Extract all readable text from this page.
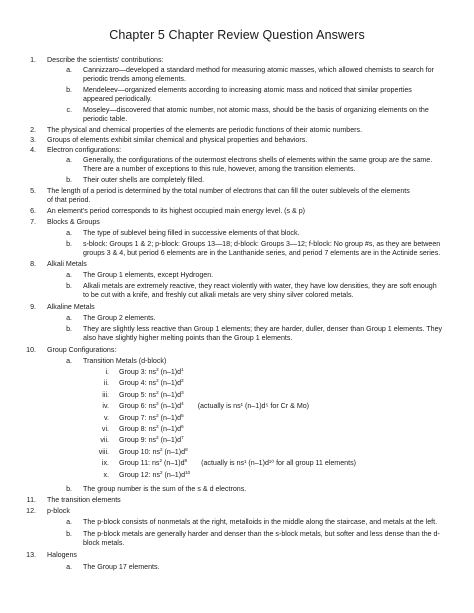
Chapter 5 Chapter Review Question Answers
1. Describe the scientists' contributions:
a. Cannizzaro—developed a standard method for measuring atomic masses, which allowed chemists to search for
periodic trends among elements.
b. Mendeleev—organized elements according to increasing atomic mass and noticed that similar properties
appeared periodically.
c. Moseley—discovered that atomic number, not atomic mass, should be the basis of organizing elements on the
periodic table.
2. The physical and chemical properties of the elements are periodic functions of their atomic numbers.
3. Groups of elements exhibit similar chemical and physical properties and behaviors.
4. Electron configurations:
a. Generally, the configurations of the outermost electrons shells of elements within the same group are the same.
There are a number of exceptions to this rule, however, among the transition elements.
b. Their outer shells are completely filled.
5. The length of a period is determined by the total number of electrons that can fill the outer sublevels of the elements
of that period.
6. An element's period corresponds to its highest occupied main energy level. (s & p)
7. Blocks & Groups
a. The type of sublevel being filled in successive elements of that block.
b. s-block: Groups 1 & 2; p-block: Groups 13—18; d-block: Groups 3—12; f-block: No group #s, as they are between
groups 3 & 4, but period 6 elements are in the Lanthanide series, and period 7 elements are in the Actinide series.
8. Alkali Metals
a. The Group 1 elements, except Hydrogen.
b. Alkali metals are extremely reactive, they react violently with water, they have low densities, they are soft enough
to be cut with a knife, and freshly cut alkali metals are very shiny silver colored metals.
9. Alkaline Metals
a. The Group 2 elements.
b. They are slightly less reactive than Group 1 elements; they are harder, duller, denser than Group 1 elements. They
also have slightly higher melting points than the Group 1 elements.
10. Group Configurations:
a. Transition Metals (d-block)
i. Group 3: $ns^2$ $(n-1)d^1$
ii. Group 4: $ns^2$ $(n-1)d^2$
iii. Group 5: $ns^2$ $(n-1)d^3$
iv. Group 6: $ns^2$ $(n-1)d^4$ (actually is ns¹ (n–1)d⁵ for Cr & Mo)
v. Group 7: $ns^2$ $(n-1)d^5$
vi. Group 8: $ns^2$ $(n-1)d^6$
vii. Group 9: $ns^2$ $(n-1)d^7$
viii. Group 10: $ns^2$ $(n-1)d^8$
ix. Group 11: $ns^2$ $(n-1)d^9$ (actually is ns¹ (n–1)d¹⁰ for all group 11 elements)
x. Group 12: $ns^2$ $(n-1)d^{10}$
b. The group number is the sum of the s & d electrons.
11. The transition elements
12. p-block
a. The p-block consists of nonmetals at the right, metalloids in the middle along the staircase, and metals at the left.
b. The p-block metals are generally harder and denser than the s-block metals, but softer and less dense than the d-
block metals.
13. Halogens
a. The Group 17 elements.
